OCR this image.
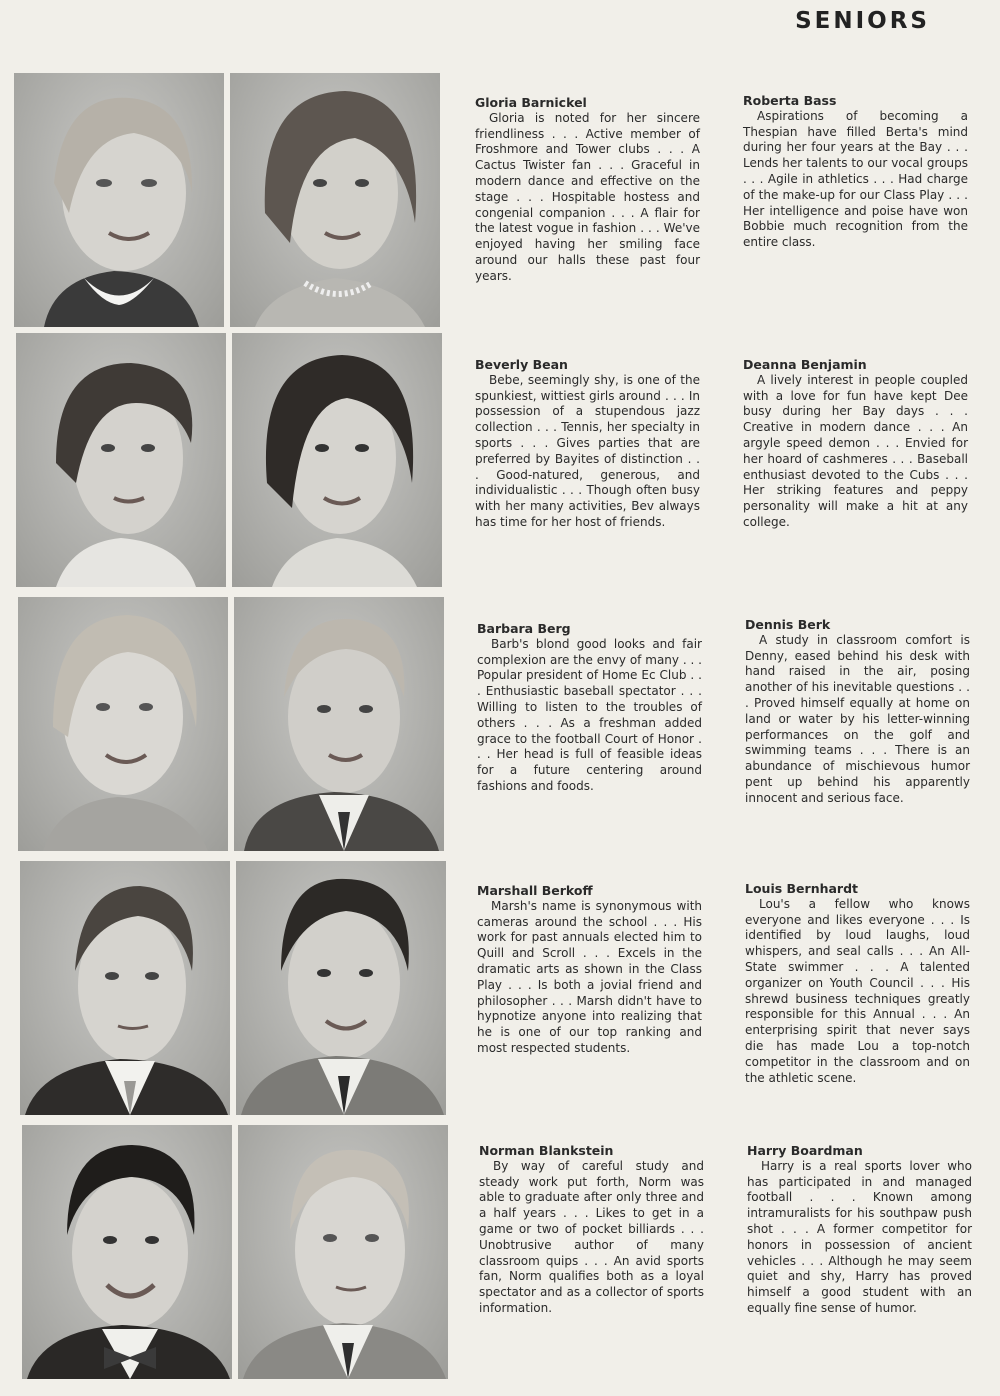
SENIORS
Gloria Barnickel
Gloria is noted for her sincere friendliness . . . Active member of Froshmore and Tower clubs . . . A Cactus Twister fan . . . Graceful in modern dance and effective on the stage . . . Hospitable hostess and congenial companion . . . A flair for the latest vogue in fashion . . . We've enjoyed having her smiling face around our halls these past four years.
Roberta Bass
Aspirations of becoming a Thespian have filled Berta's mind during her four years at the Bay . . . Lends her talents to our vocal groups . . . Agile in athletics . . . Had charge of the make-up for our Class Play . . . Her intelligence and poise have won Bobbie much recognition from the entire class.
Beverly Bean
Bebe, seemingly shy, is one of the spunkiest, wittiest girls around . . . In possession of a stupendous jazz collection . . . Tennis, her specialty in sports . . . Gives parties that are preferred by Bayites of distinction . . . Good-natured, generous, and individualistic . . . Though often busy with her many activities, Bev always has time for her host of friends.
Deanna Benjamin
A lively interest in people coupled with a love for fun have kept Dee busy during her Bay days . . . Creative in modern dance . . . An argyle speed demon . . . Envied for her hoard of cashmeres . . . Baseball enthusiast devoted to the Cubs . . . Her striking features and peppy personality will make a hit at any college.
Barbara Berg
Barb's blond good looks and fair complexion are the envy of many . . . Popular president of Home Ec Club . . . Enthusiastic baseball spectator . . . Willing to listen to the troubles of others . . . As a freshman added grace to the football Court of Honor . . . Her head is full of feasible ideas for a future centering around fashions and foods.
Dennis Berk
A study in classroom comfort is Denny, eased behind his desk with hand raised in the air, posing another of his inevitable questions . . . Proved himself equally at home on land or water by his letter-winning performances on the golf and swimming teams . . . There is an abundance of mischievous humor pent up behind his apparently innocent and serious face.
Marshall Berkoff
Marsh's name is synonymous with cameras around the school . . . His work for past annuals elected him to Quill and Scroll . . . Excels in the dramatic arts as shown in the Class Play . . . Is both a jovial friend and philosopher . . . Marsh didn't have to hypnotize anyone into realizing that he is one of our top ranking and most respected students.
Louis Bernhardt
Lou's a fellow who knows everyone and likes everyone . . . Is identified by loud laughs, loud whispers, and seal calls . . . An All-State swimmer . . . A talented organizer on Youth Council . . . His shrewd business techniques greatly responsible for this Annual . . . An enterprising spirit that never says die has made Lou a top-notch competitor in the classroom and on the athletic scene.
Norman Blankstein
By way of careful study and steady work put forth, Norm was able to graduate after only three and a half years . . . Likes to get in a game or two of pocket billiards . . . Unobtrusive author of many classroom quips . . . An avid sports fan, Norm qualifies both as a loyal spectator and as a collector of sports information.
Harry Boardman
Harry is a real sports lover who has participated in and managed football . . . Known among intramuralists for his southpaw push shot . . . A former competitor for honors in possession of ancient vehicles . . . Although he may seem quiet and shy, Harry has proved himself a good student with an equally fine sense of humor.
